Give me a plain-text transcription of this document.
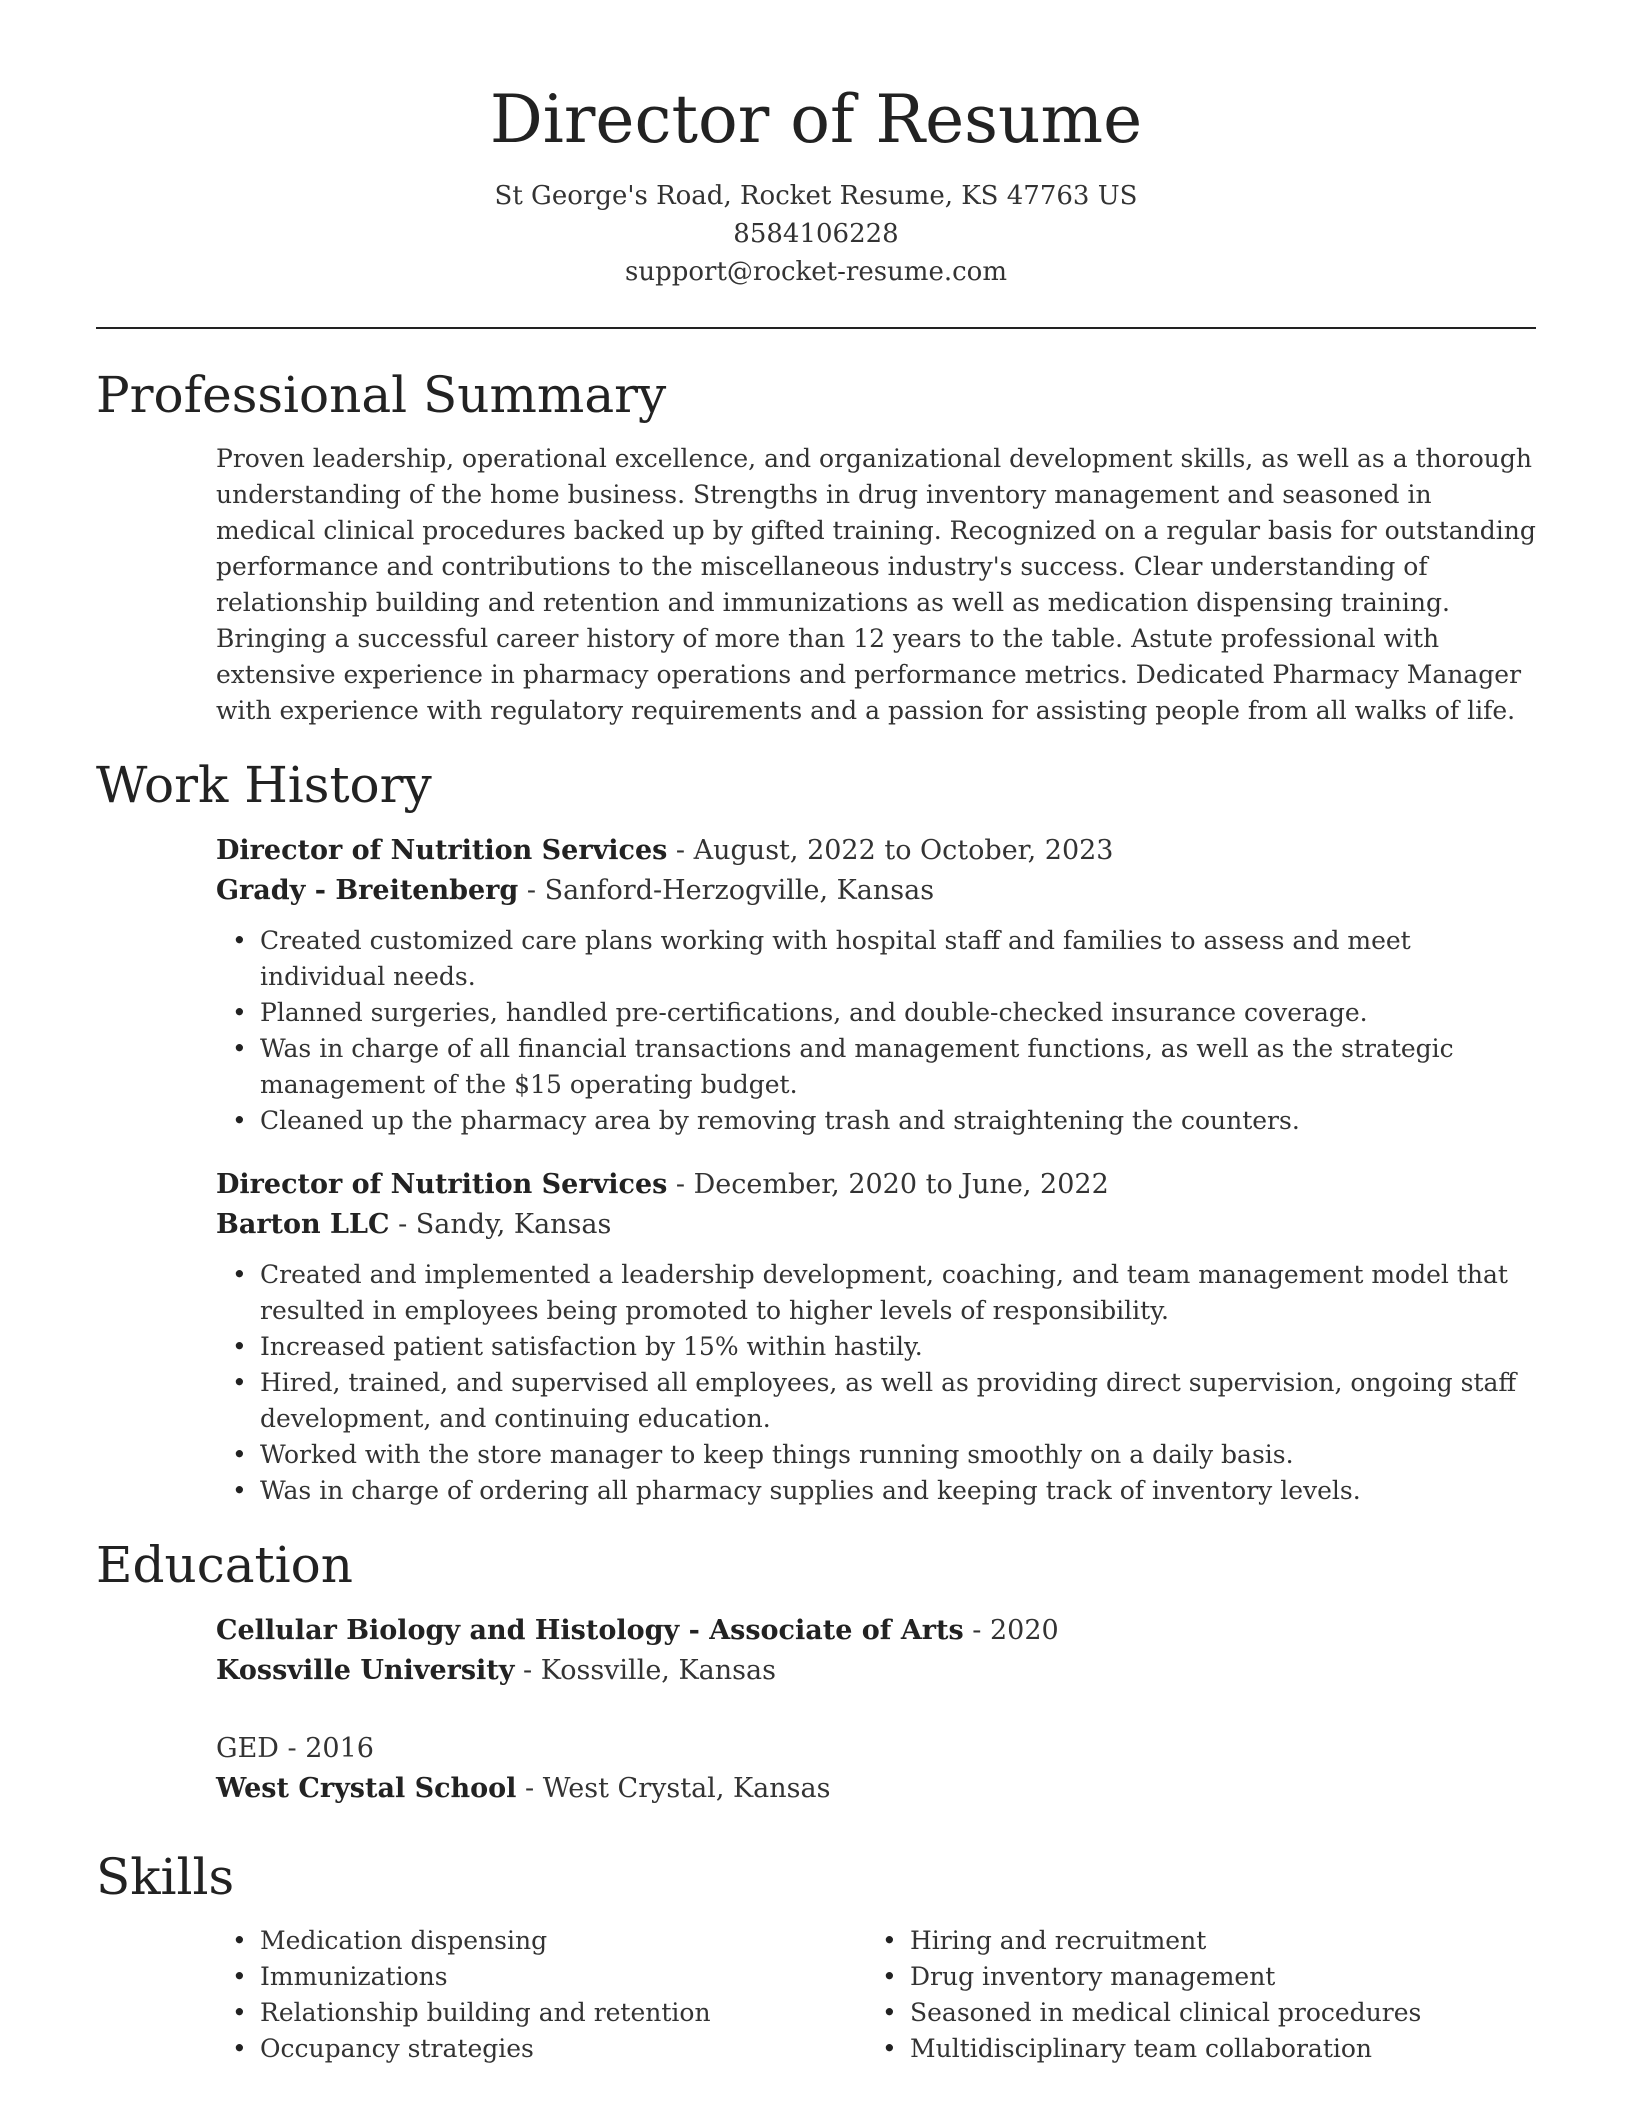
Director of Resume
St George's Road, Rocket Resume, KS 47763 US
8584106228
support@rocket-resume.com
Professional Summary

Proven leadership, operational excellence, and organizational development skills, as well as a thorough understanding of the home business. Strengths in drug inventory management and seasoned in medical clinical procedures backed up by gifted training. Recognized on a regular basis for outstanding performance and contributions to the miscellaneous industry's success. Clear understanding of relationship building and retention and immunizations as well as medication dispensing training. Bringing a successful career history of more than 12 years to the table. Astute professional with extensive experience in pharmacy operations and performance metrics. Dedicated Pharmacy Manager with experience with regulatory requirements and a passion for assisting people from all walks of life.

Work History
Director of Nutrition Services - August, 2022 to October, 2023
Grady - Breitenberg - Sanford-Herzogville, Kansas
• Created customized care plans working with hospital staff and families to assess and meet individual needs.
• Planned surgeries, handled pre-certifications, and double-checked insurance coverage.
• Was in charge of all financial transactions and management functions, as well as the strategic management of the $15 operating budget.
• Cleaned up the pharmacy area by removing trash and straightening the counters.
Director of Nutrition Services - December, 2020 to June, 2022
Barton LLC - Sandy, Kansas
• Created and implemented a leadership development, coaching, and team management model that resulted in employees being promoted to higher levels of responsibility.
• Increased patient satisfaction by 15% within hastily.
• Hired, trained, and supervised all employees, as well as providing direct supervision, ongoing staff development, and continuing education.
• Worked with the store manager to keep things running smoothly on a daily basis.
• Was in charge of ordering all pharmacy supplies and keeping track of inventory levels.
Education
Cellular Biology and Histology - Associate of Arts - 2020
Kossville University - Kossville, Kansas
GED - 2016
West Crystal School - West Crystal, Kansas
Skills
• Medication dispensing
• Immunizations
• Relationship building and retention
• Occupancy strategies
• Hiring and recruitment
• Drug inventory management
• Seasoned in medical clinical procedures
• Multidisciplinary team collaboration
